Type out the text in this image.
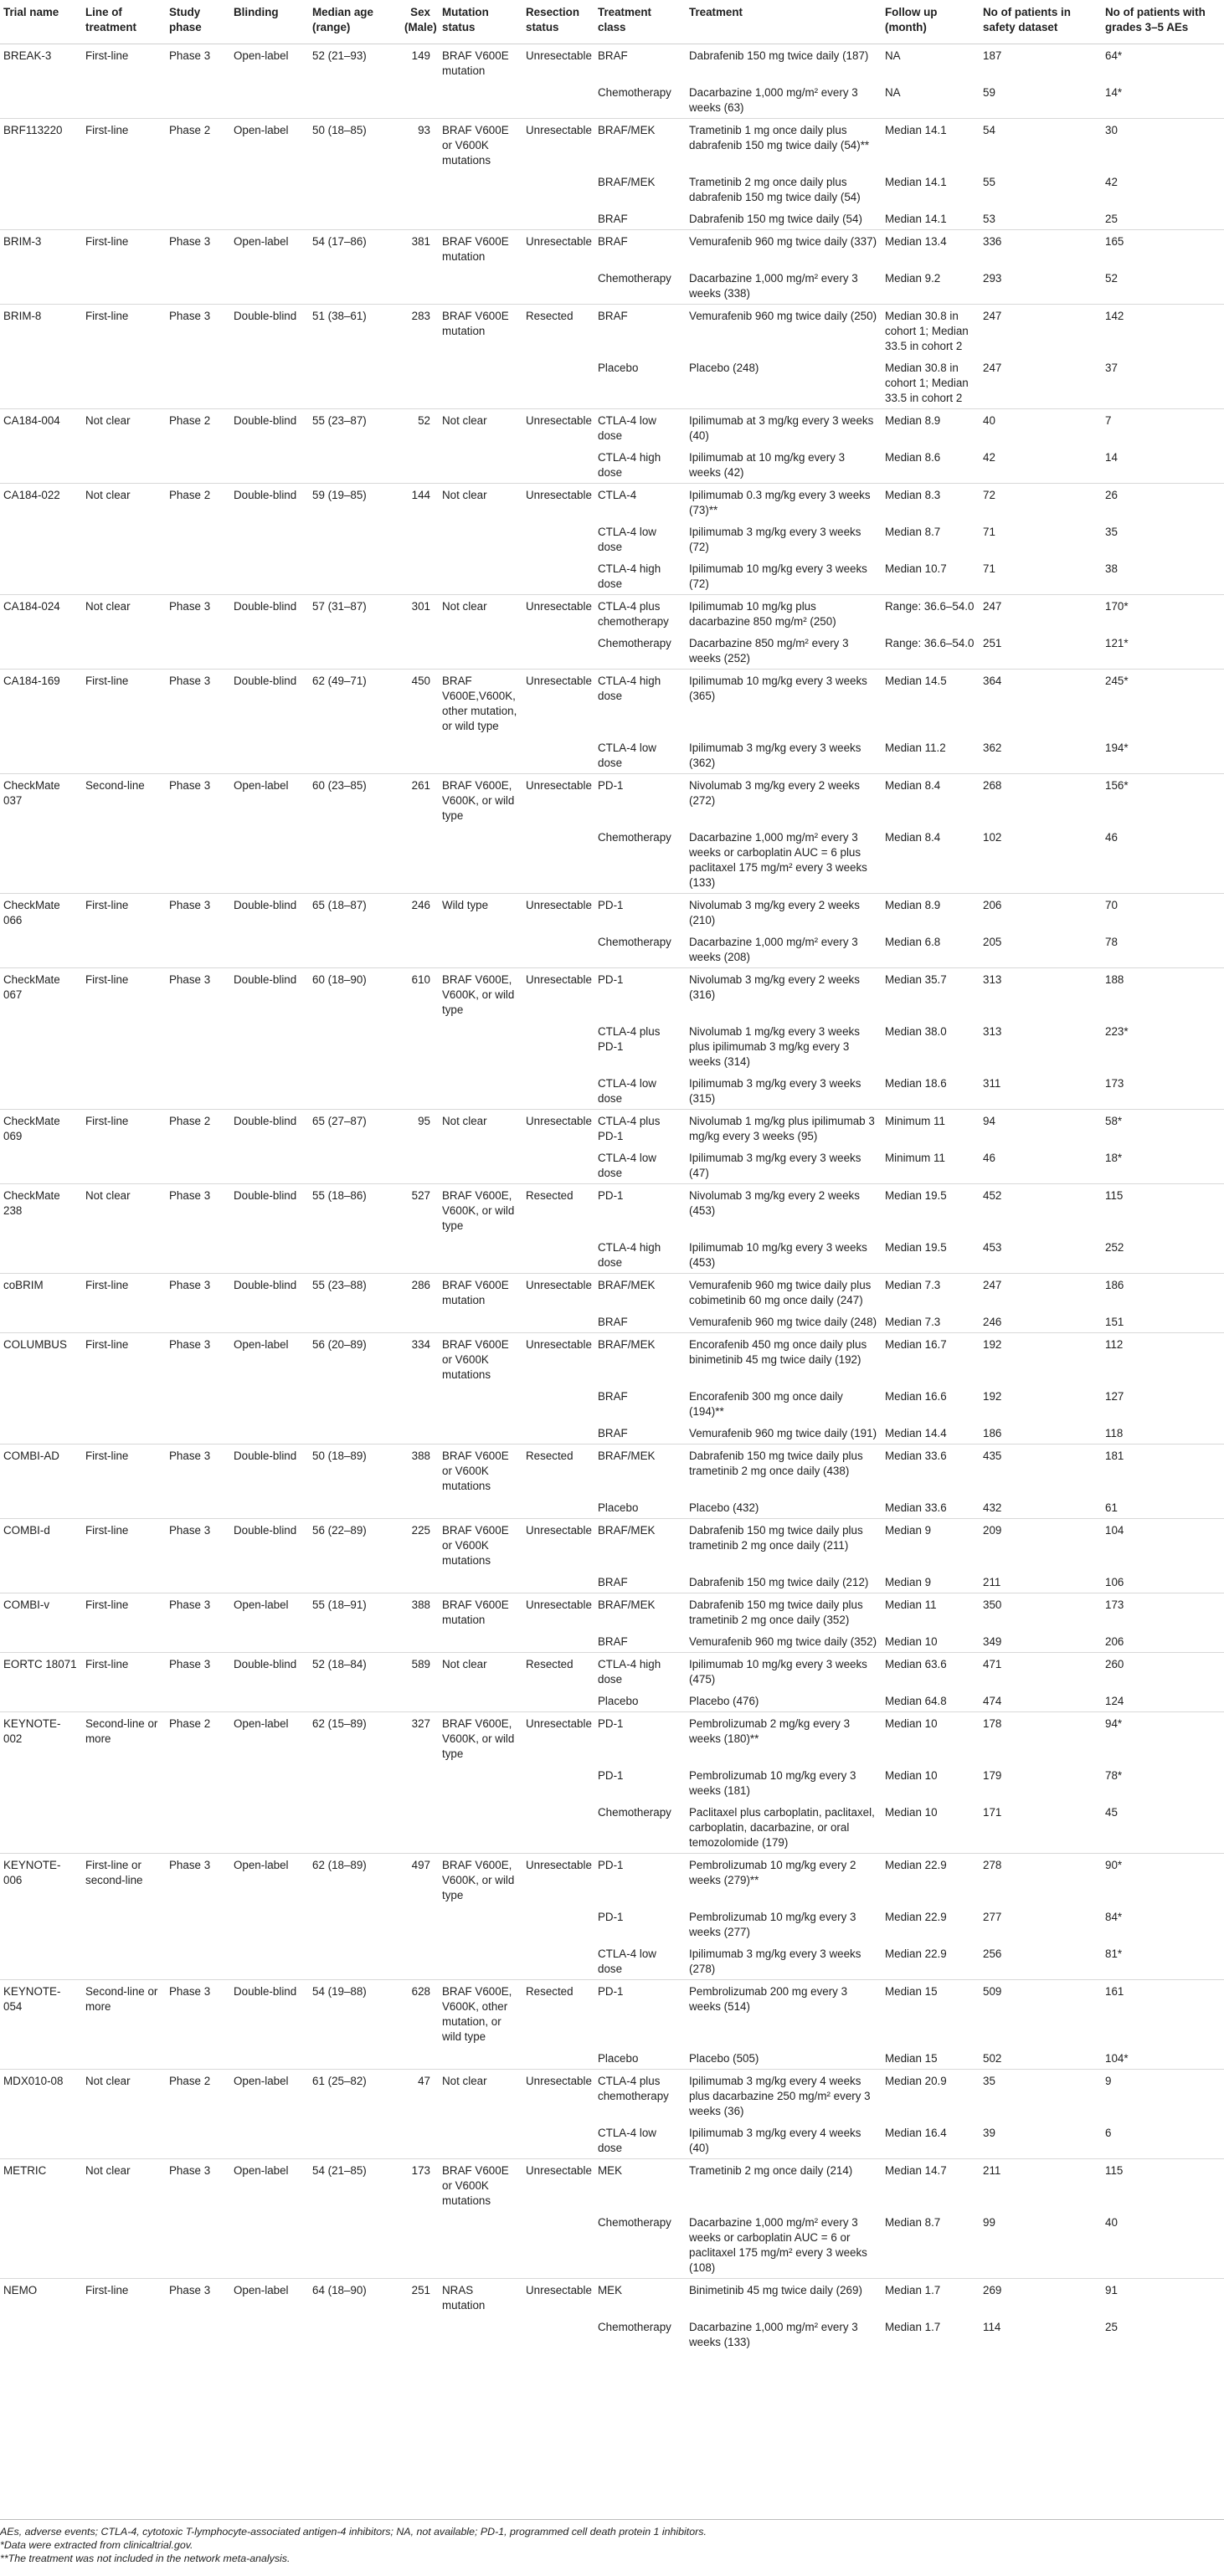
Trial name	Line of treatment	Study phase	Blinding	Median age (range)	Sex (Male)	Mutation status	Resection status	Treatment class	Treatment	Follow up (month)	No of patients in safety dataset	No of patients with grades 3–5 AEs
BREAK-3	First-line	Phase 3	Open-label	52 (21–93)	149	BRAF V600E mutation	Unresectable	BRAF	Dabrafenib 150 mg twice daily (187)	NA	187	64*
								Chemotherapy	Dacarbazine 1,000 mg/m² every 3 weeks (63)	NA	59	14*
BRF113220	First-line	Phase 2	Open-label	50 (18–85)	93	BRAF V600E or V600K mutations	Unresectable	BRAF/MEK	Trametinib 1 mg once daily plus dabrafenib 150 mg twice daily (54)**	Median 14.1	54	30
								BRAF/MEK	Trametinib 2 mg once daily plus dabrafenib 150 mg twice daily (54)	Median 14.1	55	42
								BRAF	Dabrafenib 150 mg twice daily (54)	Median 14.1	53	25
BRIM-3	First-line	Phase 3	Open-label	54 (17–86)	381	BRAF V600E mutation	Unresectable	BRAF	Vemurafenib 960 mg twice daily (337)	Median 13.4	336	165
								Chemotherapy	Dacarbazine 1,000 mg/m² every 3 weeks (338)	Median 9.2	293	52
BRIM-8	First-line	Phase 3	Double-blind	51 (38–61)	283	BRAF V600E mutation	Resected	BRAF	Vemurafenib 960 mg twice daily (250)	Median 30.8 in cohort 1; Median 33.5 in cohort 2	247	142
								Placebo	Placebo (248)	Median 30.8 in cohort 1; Median 33.5 in cohort 2	247	37
CA184-004	Not clear	Phase 2	Double-blind	55 (23–87)	52	Not clear	Unresectable	CTLA-4 low dose	Ipilimumab at 3 mg/kg every 3 weeks (40)	Median 8.9	40	7
								CTLA-4 high dose	Ipilimumab at 10 mg/kg every 3 weeks (42)	Median 8.6	42	14
CA184-022	Not clear	Phase 2	Double-blind	59 (19–85)	144	Not clear	Unresectable	CTLA-4	Ipilimumab 0.3 mg/kg every 3 weeks (73)**	Median 8.3	72	26
								CTLA-4 low dose	Ipilimumab 3 mg/kg every 3 weeks (72)	Median 8.7	71	35
								CTLA-4 high dose	Ipilimumab 10 mg/kg every 3 weeks (72)	Median 10.7	71	38
CA184-024	Not clear	Phase 3	Double-blind	57 (31–87)	301	Not clear	Unresectable	CTLA-4 plus chemotherapy	Ipilimumab 10 mg/kg plus dacarbazine 850 mg/m² (250)	Range: 36.6–54.0	247	170*
								Chemotherapy	Dacarbazine 850 mg/m² every 3 weeks (252)	Range: 36.6–54.0	251	121*
CA184-169	First-line	Phase 3	Double-blind	62 (49–71)	450	BRAF V600E,V600K, other mutation, or wild type	Unresectable	CTLA-4 high dose	Ipilimumab 10 mg/kg every 3 weeks (365)	Median 14.5	364	245*
								CTLA-4 low dose	Ipilimumab 3 mg/kg every 3 weeks (362)	Median 11.2	362	194*
CheckMate 037	Second-line	Phase 3	Open-label	60 (23–85)	261	BRAF V600E, V600K, or wild type	Unresectable	PD-1	Nivolumab 3 mg/kg every 2 weeks (272)	Median 8.4	268	156*
								Chemotherapy	Dacarbazine 1,000 mg/m² every 3 weeks or carboplatin AUC = 6 plus paclitaxel 175 mg/m² every 3 weeks (133)	Median 8.4	102	46
CheckMate 066	First-line	Phase 3	Double-blind	65 (18–87)	246	Wild type	Unresectable	PD-1	Nivolumab 3 mg/kg every 2 weeks (210)	Median 8.9	206	70
								Chemotherapy	Dacarbazine 1,000 mg/m² every 3 weeks (208)	Median 6.8	205	78
CheckMate 067	First-line	Phase 3	Double-blind	60 (18–90)	610	BRAF V600E, V600K, or wild type	Unresectable	PD-1	Nivolumab 3 mg/kg every 2 weeks (316)	Median 35.7	313	188
								CTLA-4 plus PD-1	Nivolumab 1 mg/kg every 3 weeks plus ipilimumab 3 mg/kg every 3 weeks (314)	Median 38.0	313	223*
								CTLA-4 low dose	Ipilimumab 3 mg/kg every 3 weeks (315)	Median 18.6	311	173
CheckMate 069	First-line	Phase 2	Double-blind	65 (27–87)	95	Not clear	Unresectable	CTLA-4 plus PD-1	Nivolumab 1 mg/kg plus ipilimumab 3 mg/kg every 3 weeks (95)	Minimum 11	94	58*
								CTLA-4 low dose	Ipilimumab 3 mg/kg every 3 weeks (47)	Minimum 11	46	18*
CheckMate 238	Not clear	Phase 3	Double-blind	55 (18–86)	527	BRAF V600E, V600K, or wild type	Resected	PD-1	Nivolumab 3 mg/kg every 2 weeks (453)	Median 19.5	452	115
								CTLA-4 high dose	Ipilimumab 10 mg/kg every 3 weeks (453)	Median 19.5	453	252
coBRIM	First-line	Phase 3	Double-blind	55 (23–88)	286	BRAF V600E mutation	Unresectable	BRAF/MEK	Vemurafenib 960 mg twice daily plus cobimetinib 60 mg once daily (247)	Median 7.3	247	186
								BRAF	Vemurafenib 960 mg twice daily (248)	Median 7.3	246	151
COLUMBUS	First-line	Phase 3	Open-label	56 (20–89)	334	BRAF V600E or V600K mutations	Unresectable	BRAF/MEK	Encorafenib 450 mg once daily plus binimetinib 45 mg twice daily (192)	Median 16.7	192	112
								BRAF	Encorafenib 300 mg once daily (194)**	Median 16.6	192	127
								BRAF	Vemurafenib 960 mg twice daily (191)	Median 14.4	186	118
COMBI-AD	First-line	Phase 3	Double-blind	50 (18–89)	388	BRAF V600E or V600K mutations	Resected	BRAF/MEK	Dabrafenib 150 mg twice daily plus trametinib 2 mg once daily (438)	Median 33.6	435	181
								Placebo	Placebo (432)	Median 33.6	432	61
COMBI-d	First-line	Phase 3	Double-blind	56 (22–89)	225	BRAF V600E or V600K mutations	Unresectable	BRAF/MEK	Dabrafenib 150 mg twice daily plus trametinib 2 mg once daily (211)	Median 9	209	104
								BRAF	Dabrafenib 150 mg twice daily (212)	Median 9	211	106
COMBI-v	First-line	Phase 3	Open-label	55 (18–91)	388	BRAF V600E mutation	Unresectable	BRAF/MEK	Dabrafenib 150 mg twice daily plus trametinib 2 mg once daily (352)	Median 11	350	173
								BRAF	Vemurafenib 960 mg twice daily (352)	Median 10	349	206
EORTC 18071	First-line	Phase 3	Double-blind	52 (18–84)	589	Not clear	Resected	CTLA-4 high dose	Ipilimumab 10 mg/kg every 3 weeks (475)	Median 63.6	471	260
								Placebo	Placebo (476)	Median 64.8	474	124
KEYNOTE-002	Second-line or more	Phase 2	Open-label	62 (15–89)	327	BRAF V600E, V600K, or wild type	Unresectable	PD-1	Pembrolizumab 2 mg/kg every 3 weeks (180)**	Median 10	178	94*
								PD-1	Pembrolizumab 10 mg/kg every 3 weeks (181)	Median 10	179	78*
								Chemotherapy	Paclitaxel plus carboplatin, paclitaxel, carboplatin, dacarbazine, or oral temozolomide (179)	Median 10	171	45
KEYNOTE-006	First-line or second-line	Phase 3	Open-label	62 (18–89)	497	BRAF V600E, V600K, or wild type	Unresectable	PD-1	Pembrolizumab 10 mg/kg every 2 weeks (279)**	Median 22.9	278	90*
								PD-1	Pembrolizumab 10 mg/kg every 3 weeks (277)	Median 22.9	277	84*
								CTLA-4 low dose	Ipilimumab 3 mg/kg every 3 weeks (278)	Median 22.9	256	81*
KEYNOTE-054	Second-line or more	Phase 3	Double-blind	54 (19–88)	628	BRAF V600E, V600K, other mutation, or wild type	Resected	PD-1	Pembrolizumab 200 mg every 3 weeks (514)	Median 15	509	161
								Placebo	Placebo (505)	Median 15	502	104*
MDX010-08	Not clear	Phase 2	Open-label	61 (25–82)	47	Not clear	Unresectable	CTLA-4 plus chemotherapy	Ipilimumab 3 mg/kg every 4 weeks plus dacarbazine 250 mg/m² every 3 weeks (36)	Median 20.9	35	9
								CTLA-4 low dose	Ipilimumab 3 mg/kg every 4 weeks (40)	Median 16.4	39	6
METRIC	Not clear	Phase 3	Open-label	54 (21–85)	173	BRAF V600E or V600K mutations	Unresectable	MEK	Trametinib 2 mg once daily (214)	Median 14.7	211	115
								Chemotherapy	Dacarbazine 1,000 mg/m² every 3 weeks or carboplatin AUC = 6 or paclitaxel 175 mg/m² every 3 weeks (108)	Median 8.7	99	40
NEMO	First-line	Phase 3	Open-label	64 (18–90)	251	NRAS mutation	Unresectable	MEK	Binimetinib 45 mg twice daily (269)	Median 1.7	269	91
								Chemotherapy	Dacarbazine 1,000 mg/m² every 3 weeks (133)	Median 1.7	114	25
AEs, adverse events; CTLA-4, cytotoxic T-lymphocyte-associated antigen-4 inhibitors; NA, not available; PD-1, programmed cell death protein 1 inhibitors.
*Data were extracted from clinicaltrial.gov.
**The treatment was not included in the network meta-analysis.
